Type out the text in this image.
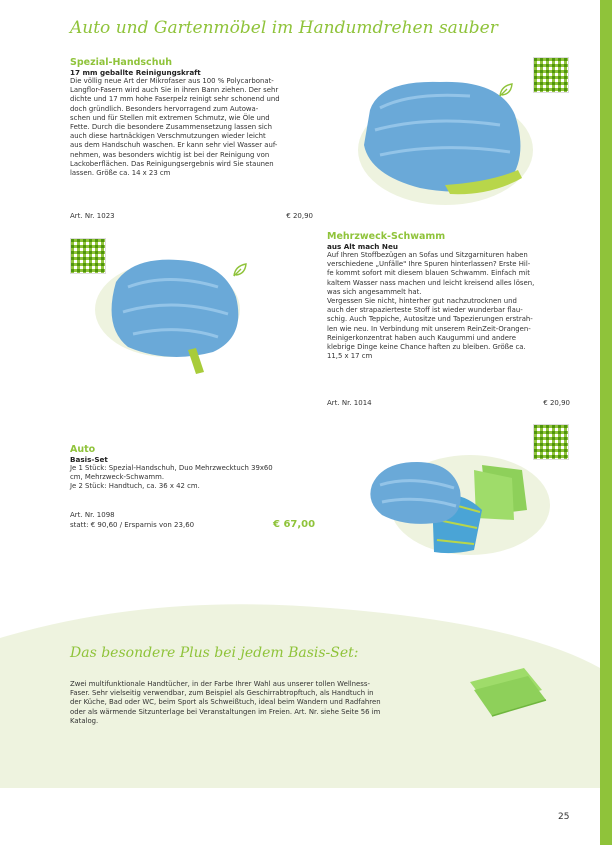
Auto und Gartenmöbel im Handumdrehen sauber
Spezial-Handschuh
17 mm geballte Reinigungskraft
Die völlig neue Art der Mikrofaser aus 100 % Polycarbonat-
Langflor-Fasern wird auch Sie in ihren Bann ziehen. Der sehr
dichte und 17 mm hohe Faserpelz reinigt sehr schonend und
doch gründlich. Besonders hervorragend zum Autowa-
schen und für Stellen mit extremen Schmutz, wie Öle und
Fette. Durch die besondere Zusammensetzung lassen sich
auch diese hartnäckigen Verschmutzungen wieder leicht
aus dem Handschuh waschen. Er kann sehr viel Wasser auf-
nehmen, was besonders wichtig ist bei der Reinigung von
Lackoberflächen. Das Reinigungsergebnis wird Sie staunen
lassen. Größe ca. 14 x 23 cm
Art. Nr. 1023	€ 20,90
Mehrzweck-Schwamm
aus Alt mach Neu
Auf Ihren Stoffbezügen an Sofas und Sitzgarnituren haben
verschiedene „Unfälle" Ihre Spuren hinterlassen? Erste Hil-
fe kommt sofort mit diesem blauen Schwamm. Einfach mit
kaltem Wasser nass machen und leicht kreisend alles lösen,
was sich angesammelt hat.
Vergessen Sie nicht, hinterher gut nachzutrocknen und
auch der strapazierteste Stoff ist wieder wunderbar flau-
schig. Auch Teppiche, Autositze und Tapezierungen erstrah-
len wie neu. In Verbindung mit unserem ReinZeit-Orangen-
Reinigerkonzentrat haben auch Kaugummi und andere
klebrige Dinge keine Chance haften zu bleiben. Größe ca.
11,5 x 17 cm
Art. Nr. 1014	€ 20,90
Auto
Basis-Set
Je 1 Stück: Spezial-Handschuh, Duo Mehrzwecktuch 39x60
cm, Mehrzweck-Schwamm.
Je 2 Stück: Handtuch, ca. 36 x 42 cm.
Art. Nr. 1098
statt: € 90,60 / Ersparnis von 23,60	€ 67,00
Das besondere Plus bei jedem Basis-Set:
Zwei multifunktionale Handtücher, in der Farbe Ihrer Wahl aus unserer tollen Wellness-
Faser. Sehr vielseitig verwendbar, zum Beispiel als Geschirrabtropftuch, als Handtuch in
der Küche, Bad oder WC, beim Sport als Schweißtuch, ideal beim Wandern und Radfahren
oder als wärmende Sitzunterlage bei Veranstaltungen im Freien. Art. Nr. siehe Seite 56 im
Katalog.
25
